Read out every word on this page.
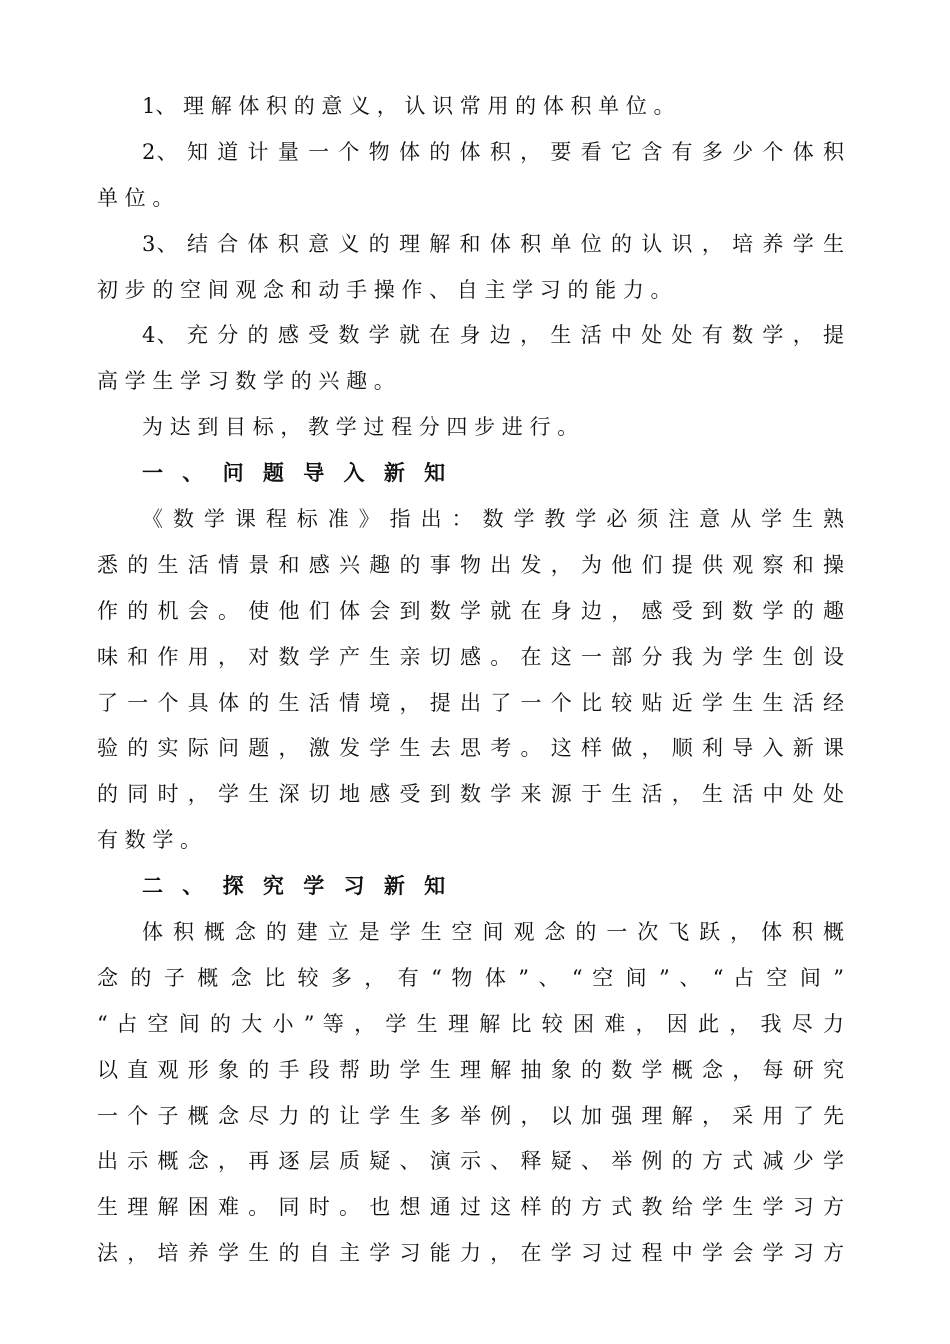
1、 理 解 体 积 的 意 义 ， 认 识 常 用 的 体 积 单 位 。
2、 知 道 计 量 一 个 物 体 的 体 积 ， 要 看 它 含 有 多 少 个 体 积
单 位 。
3、 结 合 体 积 意 义 的 理 解 和 体 积 单 位 的 认 识 ， 培 养 学 生
初 步 的 空 间 观 念 和 动 手 操 作 、 自 主 学 习 的 能 力 。
4、 充 分 的 感 受 数 学 就 在 身 边 ， 生 活 中 处 处 有 数 学 ， 提
高 学 生 学 习 数 学 的 兴 趣 。
为 达 到 目 标 ， 教 学 过 程 分 四 步 进 行 。
一 、 问 题 导 入 新 知
《 数 学 课 程 标 准 》 指 出 ： 数 学 教 学 必 须 注 意 从 学 生 熟
悉 的 生 活 情 景 和 感 兴 趣 的 事 物 出 发 ， 为 他 们 提 供 观 察 和 操
作 的 机 会 。 使 他 们 体 会 到 数 学 就 在 身 边 ， 感 受 到 数 学 的 趣
味 和 作 用 ， 对 数 学 产 生 亲 切 感 。 在 这 一 部 分 我 为 学 生 创 设
了 一 个 具 体 的 生 活 情 境 ， 提 出 了 一 个 比 较 贴 近 学 生 生 活 经
验 的 实 际 问 题 ， 激 发 学 生 去 思 考 。 这 样 做 ， 顺 利 导 入 新 课
的 同 时 ， 学 生 深 切 地 感 受 到 数 学 来 源 于 生 活 ， 生 活 中 处 处
有 数 学 。
二 、 探 究 学 习 新 知
体 积 概 念 的 建 立 是 学 生 空 间 观 念 的 一 次 飞 跃 ， 体 积 概
念 的 子 概 念 比 较 多 ， 有 “ 物 体 ” 、 “ 空 间 ” 、 “ 占 空 间 ”
“ 占 空 间 的 大 小 ” 等 ， 学 生 理 解 比 较 困 难 ， 因 此 ， 我 尽 力
以 直 观 形 象 的 手 段 帮 助 学 生 理 解 抽 象 的 数 学 概 念 ， 每 研 究
一 个 子 概 念 尽 力 的 让 学 生 多 举 例 ， 以 加 强 理 解 ， 采 用 了 先
出 示 概 念 ， 再 逐 层 质 疑 、 演 示 、 释 疑 、 举 例 的 方 式 减 少 学
生 理 解 困 难 。 同 时 。 也 想 通 过 这 样 的 方 式 教 给 学 生 学 习 方
法 ， 培 养 学 生 的 自 主 学 习 能 力 ， 在 学 习 过 程 中 学 会 学 习 方
